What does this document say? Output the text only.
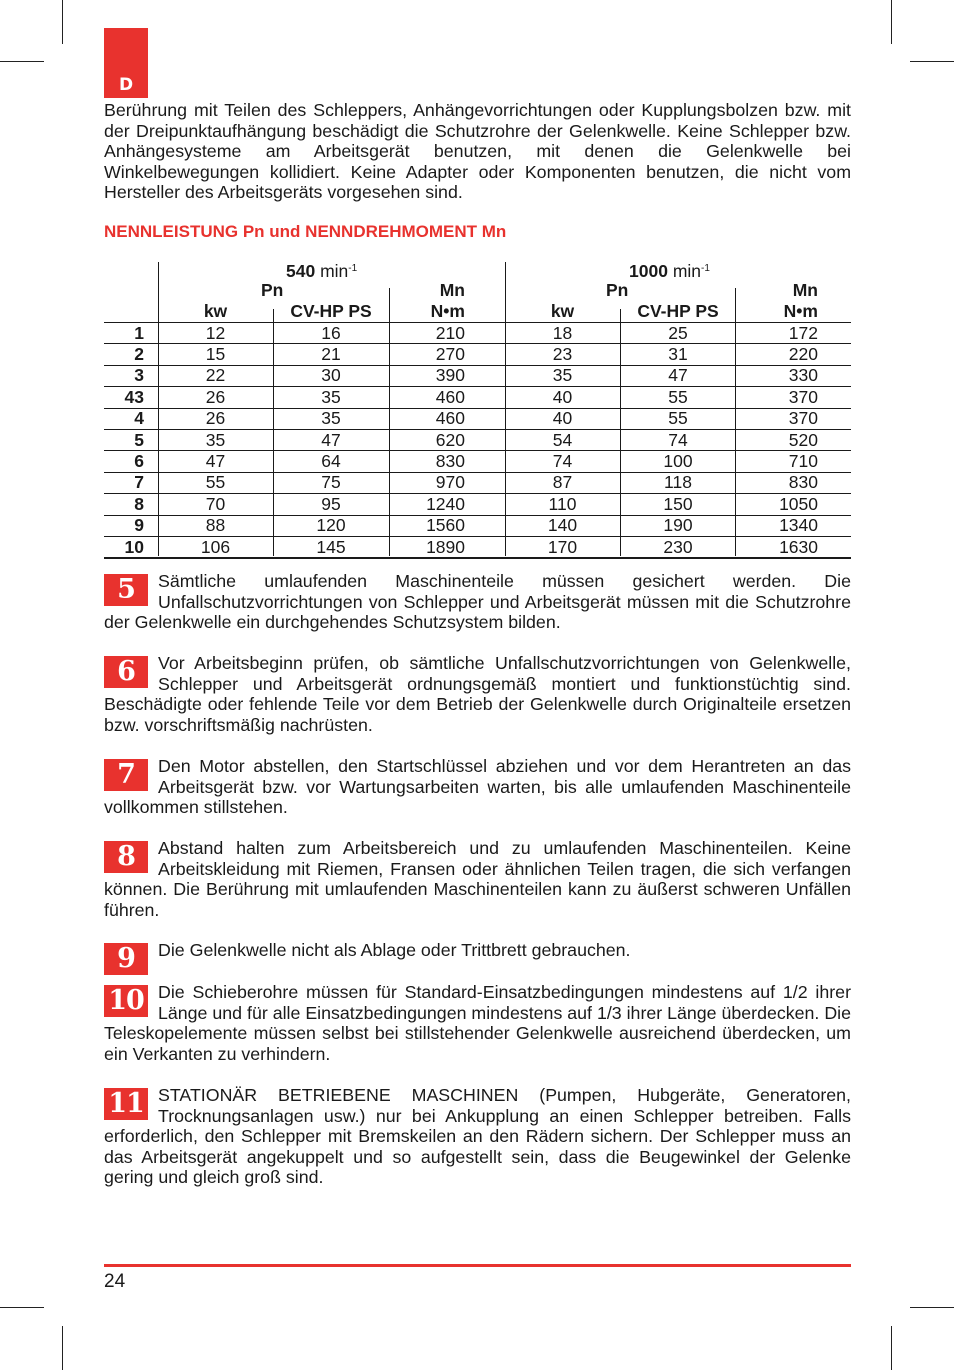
D

Berührung mit Teilen des Schleppers, Anhängevorrichtungen oder Kupplungsbolzen bzw. mit der Dreipunktaufhängung beschädigt die Schutzrohre der Gelenkwelle. Keine Schlepper bzw. Anhängesysteme am Arbeitsgerät benutzen, mit denen die Gelenkwelle bei Winkelbewegungen kollidiert. Keine Adapter oder Komponenten benutzen, die nicht vom Hersteller des Arbeitsgeräts vorgesehen sind.

NENNLEISTUNG Pn und NENNDREHMOMENT Mn

540 $\min^{-1}$	1000 $\min^{-1}$
Pn	Mn	Pn	Mn
kw	CV-HP PS	N•m	kw	CV-HP PS	N•m
1	12	16	210	18	25	172
2	15	21	270	23	31	220
3	22	30	390	35	47	330
43	26	35	460	40	55	370
4	26	35	460	40	55	370
5	35	47	620	54	74	520
6	47	64	830	74	100	710
7	55	75	970	87	118	830
8	70	95	1240	110	150	1050
9	88	120	1560	140	190	1340
10	106	145	1890	170	230	1630
5	Sämtliche umlaufenden Maschinenteile müssen gesichert werden. Die Unfallschutzvorrichtungen von Schlepper und Arbeitsgerät müssen mit die Schutzrohre der Gelenkwelle ein durchgehendes Schutzsystem bilden.
6	Vor Arbeitsbeginn prüfen, ob sämtliche Unfallschutzvorrichtungen von Gelenkwelle, Schlepper und Arbeitsgerät ordnungsgemäß montiert und funktionstüchtig sind. Beschädigte oder fehlende Teile vor dem Betrieb der Gelenkwelle durch Originalteile ersetzen bzw. vorschriftsmäßig nachrüsten.
7	Den Motor abstellen, den Startschlüssel abziehen und vor dem Herantreten an das Arbeitsgerät bzw. vor Wartungsarbeiten warten, bis alle umlaufenden Maschinenteile vollkommen stillstehen.
8	Abstand halten zum Arbeitsbereich und zu umlaufenden Maschinenteilen. Keine Arbeitskleidung mit Riemen, Fransen oder ähnlichen Teilen tragen, die sich verfangen können. Die Berührung mit umlaufenden Maschinenteilen kann zu äußerst schweren Unfällen führen.
9	Die Gelenkwelle nicht als Ablage oder Trittbrett gebrauchen.
10 Die Schieberohre müssen für Standard-Einsatzbedingungen mindestens auf 1/2 ihrer Länge und für alle Einsatzbedingungen mindestens auf 1/3 ihrer Länge überdecken. Die Teleskopelemente müssen selbst bei stillstehender Gelenkwelle ausreichend überdecken, um ein Verkanten zu verhindern.
11 STATIONÄR BETRIEBENE MASCHINEN (Pumpen, Hubgeräte, Generatoren, Trocknungsanlagen usw.) nur bei Ankupplung an einen Schlepper betreiben. Falls erforderlich, den Schlepper mit Bremskeilen an den Rädern sichern. Der Schlepper muss an das Arbeitsgerät angekuppelt und so aufgestellt sein, dass die Beugewinkel der Gelenke gering und gleich groß sind.
24
